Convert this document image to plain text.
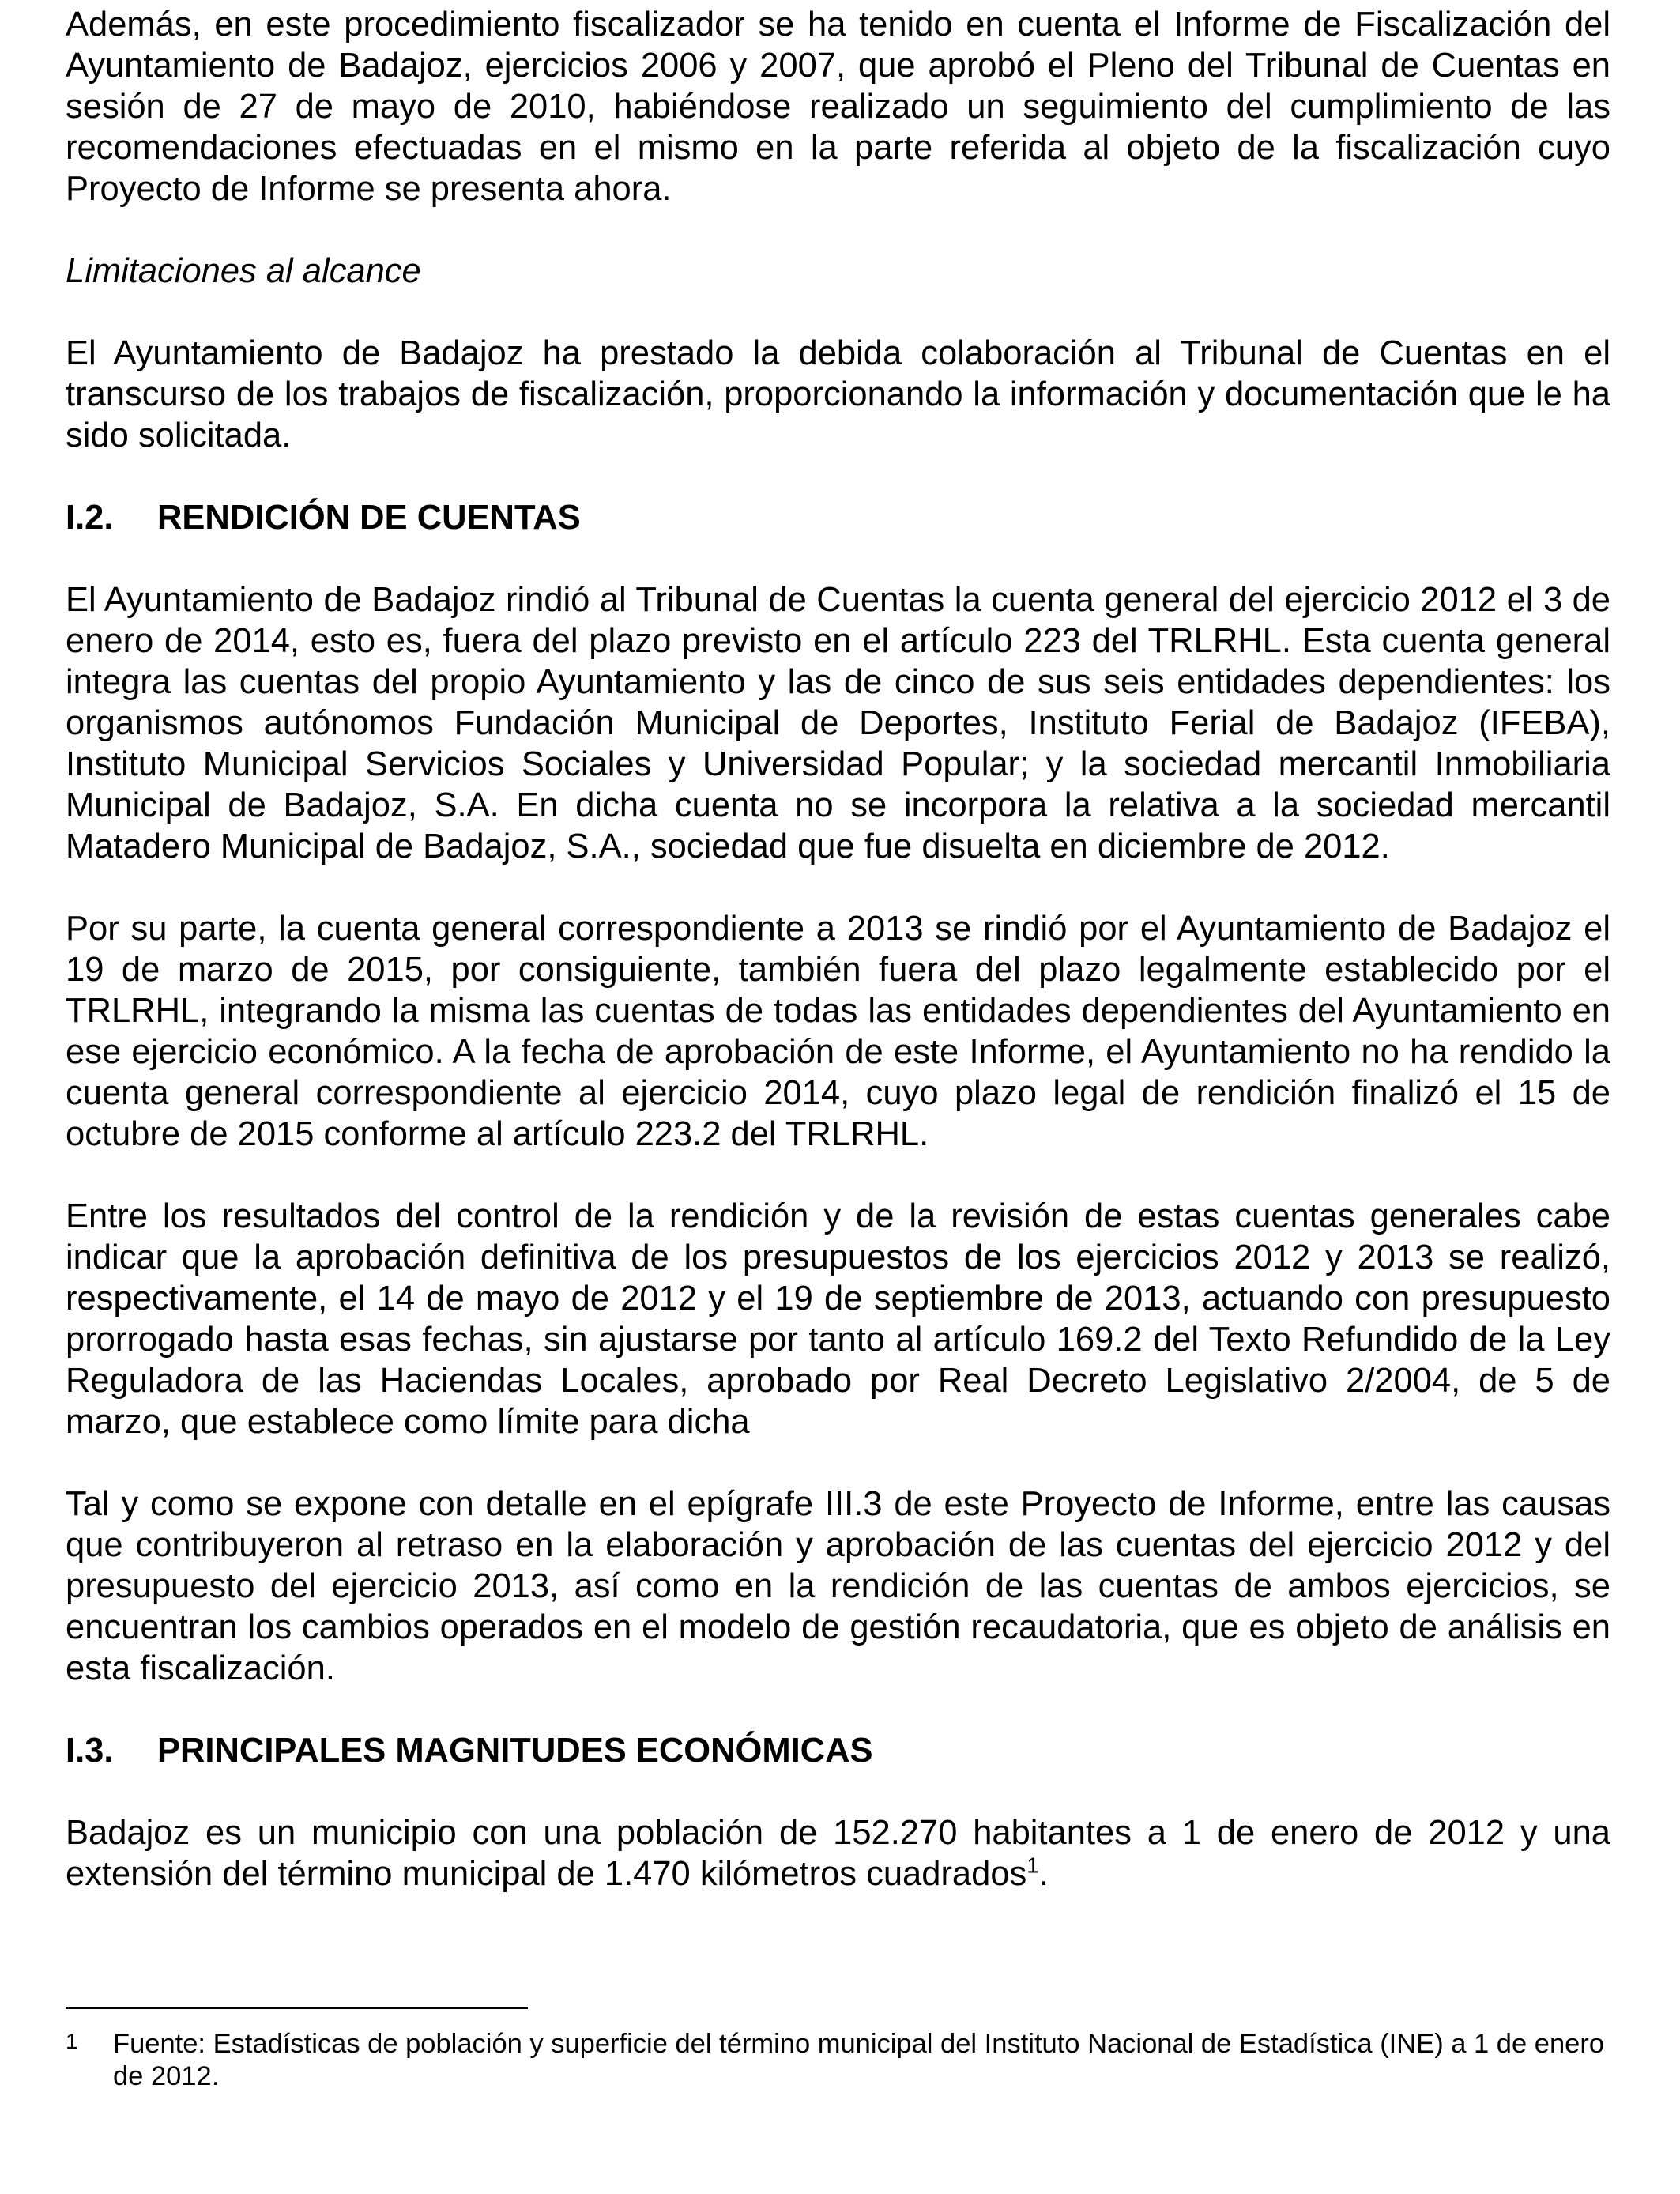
Además, en este procedimiento fiscalizador se ha tenido en cuenta el Informe de Fiscalización del Ayuntamiento de Badajoz, ejercicios 2006 y 2007, que aprobó el Pleno del Tribunal de Cuentas en sesión de 27 de mayo de 2010, habiéndose realizado un seguimiento del cumplimiento de las recomendaciones efectuadas en el mismo en la parte referida al objeto de la fiscalización cuyo Proyecto de Informe se presenta ahora.

Limitaciones al alcance

El Ayuntamiento de Badajoz ha prestado la debida colaboración al Tribunal de Cuentas en el transcurso de los trabajos de fiscalización, proporcionando la información y documentación que le ha sido solicitada.

I.2.	RENDICIÓN DE CUENTAS

El Ayuntamiento de Badajoz rindió al Tribunal de Cuentas la cuenta general del ejercicio 2012 el 3 de enero de 2014, esto es, fuera del plazo previsto en el artículo 223 del TRLRHL. Esta cuenta general integra las cuentas del propio Ayuntamiento y las de cinco de sus seis entidades dependientes: los organismos autónomos Fundación Municipal de Deportes, Instituto Ferial de Badajoz (IFEBA), Instituto Municipal Servicios Sociales y Universidad Popular; y la sociedad mercantil Inmobiliaria Municipal de Badajoz, S.A. En dicha cuenta no se incorpora la relativa a la sociedad mercantil Matadero Municipal de Badajoz, S.A., sociedad que fue disuelta en diciembre de 2012.

Por su parte, la cuenta general correspondiente a 2013 se rindió por el Ayuntamiento de Badajoz el 19 de marzo de 2015, por consiguiente, también fuera del plazo legalmente establecido por el TRLRHL, integrando la misma las cuentas de todas las entidades dependientes del Ayuntamiento en ese ejercicio económico. A la fecha de aprobación de este Informe, el Ayuntamiento no ha rendido la cuenta general correspondiente al ejercicio 2014, cuyo plazo legal de rendición finalizó el 15 de octubre de 2015 conforme al artículo 223.2 del TRLRHL.

Entre los resultados del control de la rendición y de la revisión de estas cuentas generales cabe indicar que la aprobación definitiva de los presupuestos de los ejercicios 2012 y 2013 se realizó, respectivamente, el 14 de mayo de 2012 y el 19 de septiembre de 2013, actuando con presupuesto prorrogado hasta esas fechas, sin ajustarse por tanto al artículo 169.2 del Texto Refundido de la Ley Reguladora de las Haciendas Locales, aprobado por Real Decreto Legislativo 2/2004, de 5 de marzo, que establece como límite para dicha

Tal y como se expone con detalle en el epígrafe III.3 de este Proyecto de Informe, entre las causas que contribuyeron al retraso en la elaboración y aprobación de las cuentas del ejercicio 2012 y del presupuesto del ejercicio 2013, así como en la rendición de las cuentas de ambos ejercicios, se encuentran los cambios operados en el modelo de gestión recaudatoria, que es objeto de análisis en esta fiscalización.

I.3.	PRINCIPALES MAGNITUDES ECONÓMICAS

Badajoz es un municipio con una población de 152.270 habitantes a 1 de enero de 2012 y una extensión del término municipal de 1.470 kilómetros cuadrados$^1$.

1	Fuente: Estadísticas de población y superficie del término municipal del Instituto Nacional de Estadística (INE) a 1 de enero de 2012.
